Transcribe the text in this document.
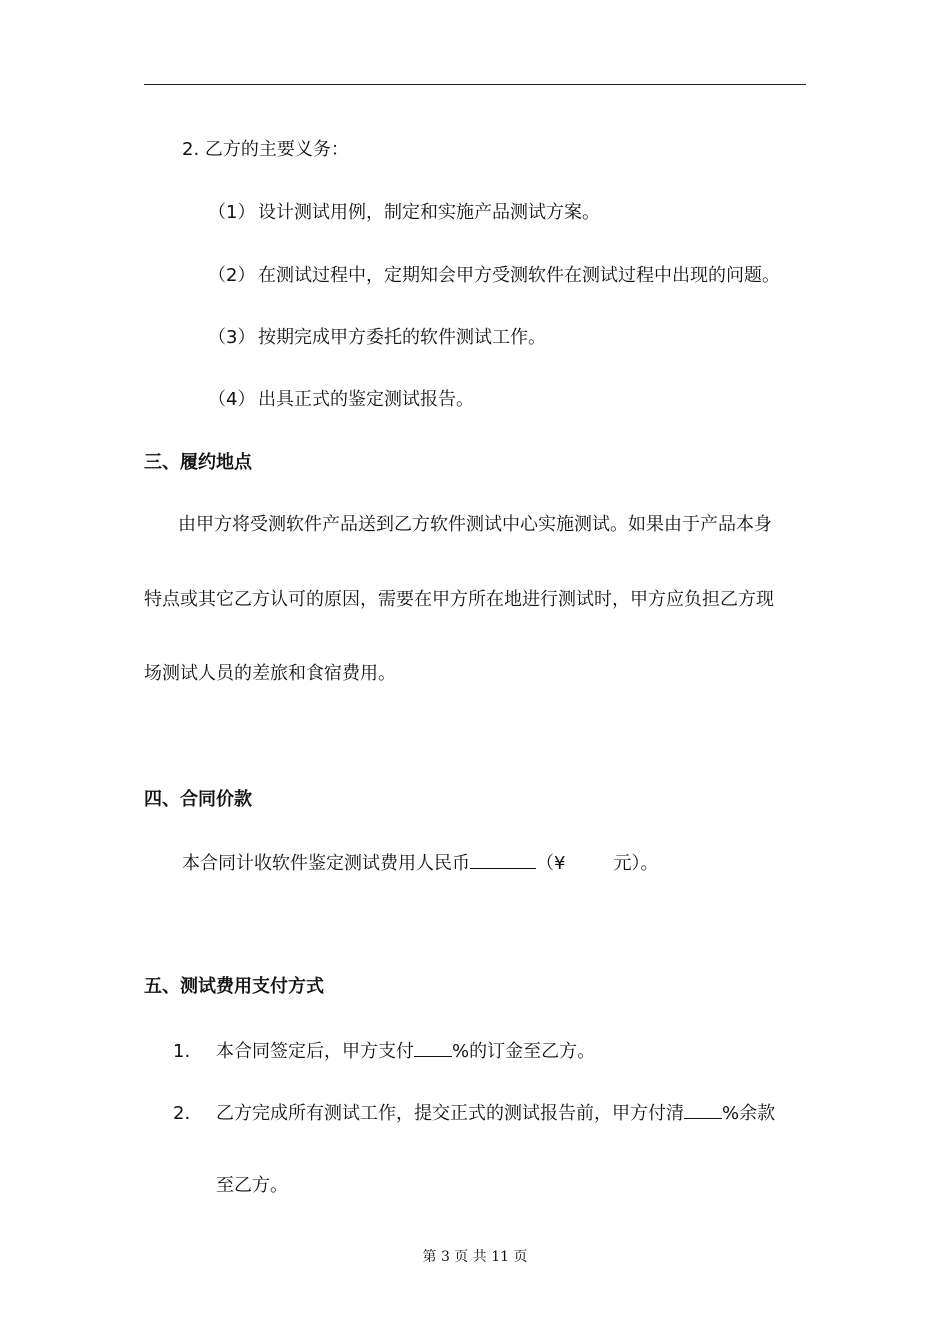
2. 乙方的主要义务：
（1） 设计测试用例，制定和实施产品测试方案。
（2） 在测试过程中，定期知会甲方受测软件在测试过程中出现的问题。
（3） 按期完成甲方委托的软件测试工作。
（4） 出具正式的鉴定测试报告。
三、履约地点
由甲方将受测软件产品送到乙方软件测试中心实施测试。如果由于产品本身
特点或其它乙方认可的原因，需要在甲方所在地进行测试时，甲方应负担乙方现
场测试人员的差旅和食宿费用。
四、合同价款
本合同计收软件鉴定测试费用人民币	（¥	元）。
五、测试费用支付方式
1. 本合同签定后，甲方支付 %的订金至乙方。
2. 乙方完成所有测试工作，提交正式的测试报告前，甲方付清 %余款
至乙方。
第 3 页 共 11 页
